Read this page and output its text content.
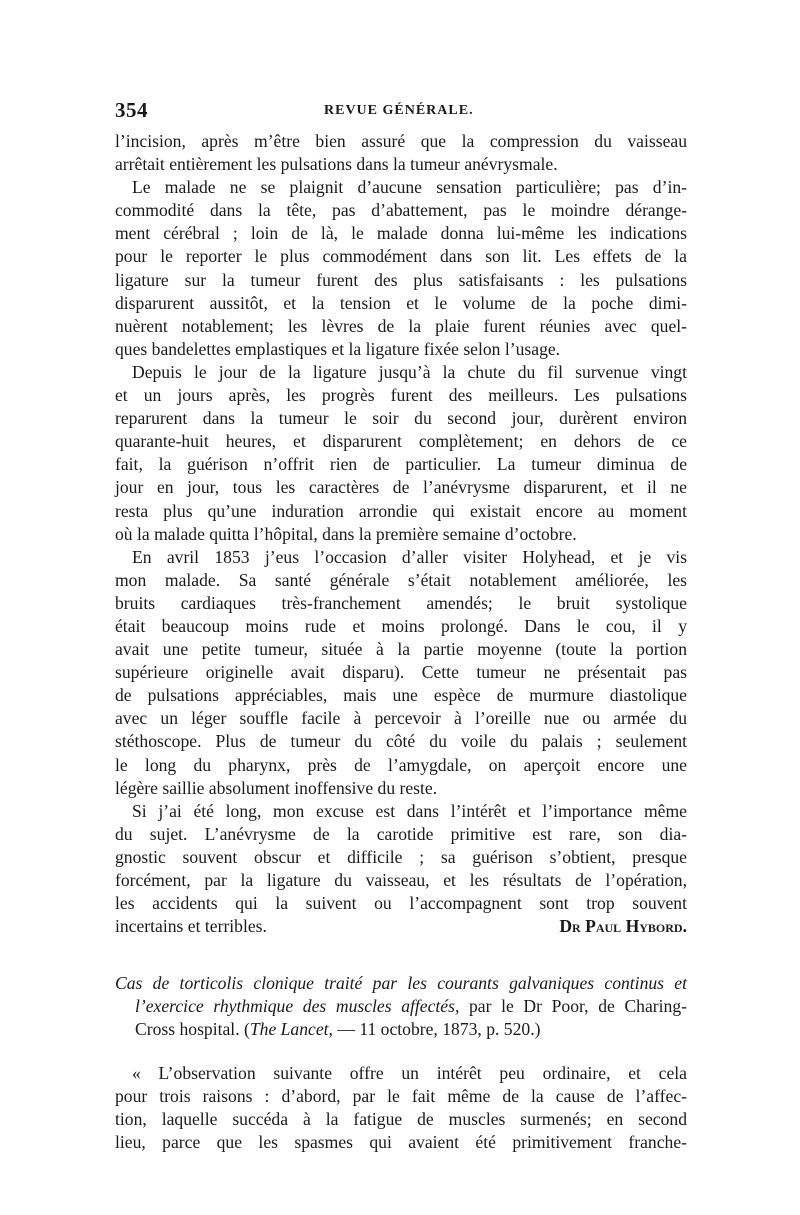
354	REVUE GÉNÉRALE.

l’incision, après m’être bien assuré que la compression du vaisseau

arrêtait entièrement les pulsations dans la tumeur anévrysmale.

Le malade ne se plaignit d’aucune sensation particulière; pas d’in-

commodité dans la tête, pas d’abattement, pas le moindre dérange-

ment cérébral ; loin de là, le malade donna lui-même les indications

pour le reporter le plus commodément dans son lit. Les effets de la

ligature sur la tumeur furent des plus satisfaisants : les pulsations

disparurent aussitôt, et la tension et le volume de la poche dimi-

nuèrent notablement; les lèvres de la plaie furent réunies avec quel-

ques bandelettes emplastiques et la ligature fixée selon l’usage.

Depuis le jour de la ligature jusqu’à la chute du fil survenue vingt

et un jours après, les progrès furent des meilleurs. Les pulsations

reparurent dans la tumeur le soir du second jour, durèrent environ

quarante-huit heures, et disparurent complètement; en dehors de ce

fait, la guérison n’offrit rien de particulier. La tumeur diminua de

jour en jour, tous les caractères de l’anévrysme disparurent, et il ne

resta plus qu’une induration arrondie qui existait encore au moment

où la malade quitta l’hôpital, dans la première semaine d’octobre.

En avril 1853 j’eus l’occasion d’aller visiter Holyhead, et je vis

mon malade. Sa santé générale s’était notablement améliorée, les

bruits cardiaques très-franchement amendés; le bruit systolique

était beaucoup moins rude et moins prolongé. Dans le cou, il y

avait une petite tumeur, située à la partie moyenne (toute la portion

supérieure originelle avait disparu). Cette tumeur ne présentait pas

de pulsations appréciables, mais une espèce de murmure diastolique

avec un léger souffle facile à percevoir à l’oreille nue ou armée du

stéthoscope. Plus de tumeur du côté du voile du palais ; seulement

le long du pharynx, près de l’amygdale, on aperçoit encore une

légère saillie absolument inoffensive du reste.

Si j’ai été long, mon excuse est dans l’intérêt et l’importance même

du sujet. L’anévrysme de la carotide primitive est rare, son dia-

gnostic souvent obscur et difficile ; sa guérison s’obtient, presque

forcément, par la ligature du vaisseau, et les résultats de l’opération,

les accidents qui la suivent ou l’accompagnent sont trop souvent

incertains et terribles.	Dr Paul Hybord.

Cas de torticolis clonique traité par les courants galvaniques continus et

l’exercice rhythmique des muscles affectés, par le Dr Poor, de Charing-

Cross hospital. (The Lancet, — 11 octobre, 1873, p. 520.)

« L’observation suivante offre un intérêt peu ordinaire, et cela

pour trois raisons : d’abord, par le fait même de la cause de l’affec-

tion, laquelle succéda à la fatigue de muscles surmenés; en second

lieu, parce que les spasmes qui avaient été primitivement franche-
